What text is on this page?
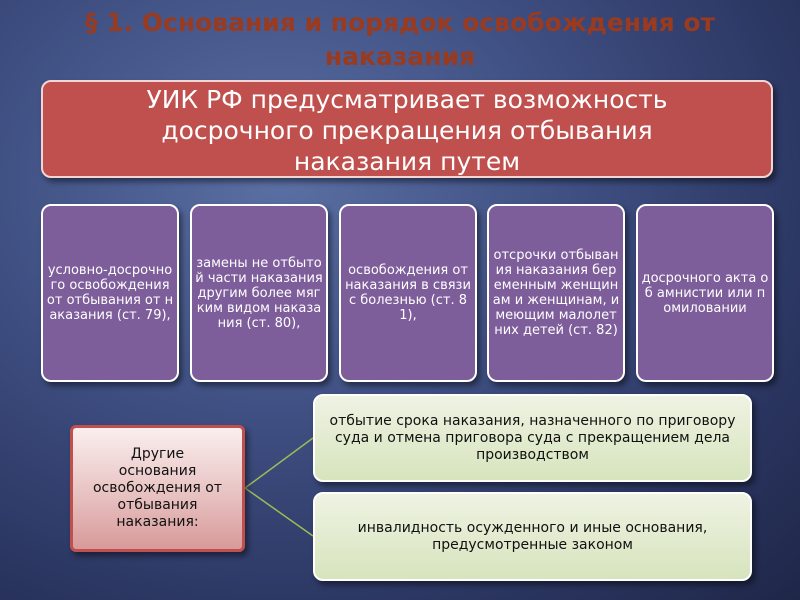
§ 1. Основания и порядок освобождения от
наказания
УИК РФ предусматривает возможность
досрочного прекращения отбывания
наказания путем
условно-досрочного освобождения от отбывания от наказания (ст. 79),
замены не отбытой части наказания другим более мягким видом наказания (ст. 80),
освобождения от наказания в связи с болезнью (ст. 81),
отсрочки отбывания наказания беременным женщинам и женщинам, имеющим малолетних детей (ст. 82)
досрочного акта об амнистии или помиловании
Другие
основания
освобождения от
отбывания
наказания:
отбытие срока наказания, назначенного по приговору суда и отмена приговора суда с прекращением дела производством
инвалидность осужденного и иные основания, предусмотренные законом
